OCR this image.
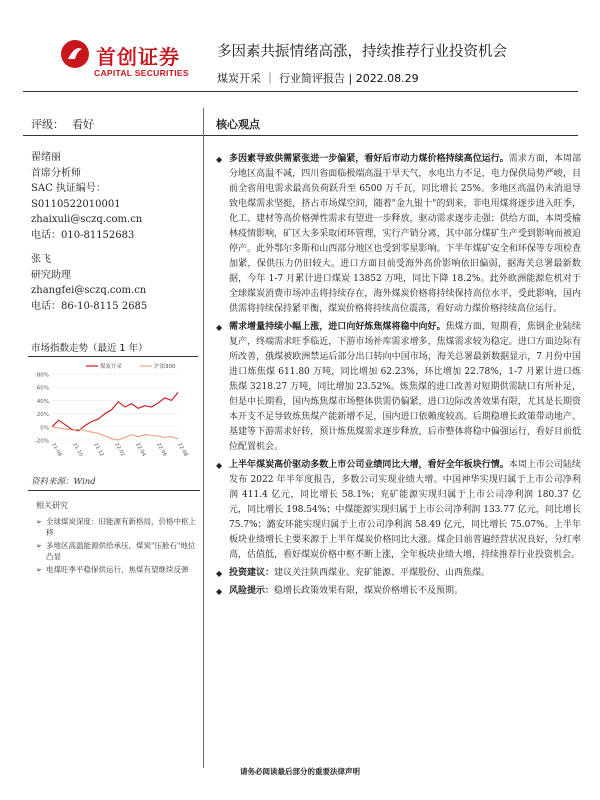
首创证券
CAPITAL SECURITIES
多因素共振情绪高涨，持续推荐行业投资机会
煤炭开采 ｜ 行业简评报告 | 2022.08.29
评级： 看好	核心观点
翟绪丽
首席分析师
SAC 执证编号：
S0110522010001
zhaixuli@sczq.com.cn
电话：010-81152683
张飞
研究助理
zhangfei@sczq.com.cn
电话：86-10-8115 2685
市场指数走势（最近 1 年）
-20%
0%
20%
40%
60%
80%
21-08 21-10 21-12 22-02 22-04 22-06 22-08
煤炭开采	沪深300
资料来源：Wind
相关研究
➢ 全球煤炭深度：旧能源有新格局，价格中枢上移
➢ 多地区高温能源供给承压，煤炭"压舱石"地位凸显
➢ 电煤旺季平稳保供运行，焦煤有望继续反弹

◆ 多因素导致供需紧张进一步偏紧，看好后市动力煤价格持续高位运行。需求方面，本周部分地区高温不减，四川省面临极端高温干旱天气，水电出力不足，电力保供局势严峻，目前全省用电需求最高负荷跃升至 6500 万千瓦，同比增长 25%。多地区高温仍未消退导致电煤需求坚挺，挤占市场煤空间，随着"金九银十"的到来，非电用煤将逐步进入旺季，化工、建材等高价格弹性需求有望进一步释放，驱动需求逐步走强；供给方面，本周受榆林疫情影响，矿区大多采取闭环管理，实行产销分离，其中部分煤矿生产受到影响而被迫停产。此外鄂尔多斯和山西部分地区也受到零星影响。下半年煤矿安全和环保等专项检查加紧，保供压力仍旧较大。进口方面目前受海外高价影响依旧偏弱，据海关总署最新数据，今年 1-7 月累计进口煤炭 13852 万吨，同比下降 18.2%。此外欧洲能源危机对于全球煤炭消费市场冲击将持续存在，海外煤炭价格将持续保持高位水平，受此影响，国内供需将持续保持紧平衡，煤炭价格将持续高位震荡，看好动力煤价格持续高位运行。

◆ 需求增量持续小幅上涨，进口向好炼焦煤将稳中向好。焦煤方面，短期看，焦钢企业陆续复产，终端需求旺季临近，下游市场补库需求增多，焦煤需求较为稳定。进口方面边际有所改善，俄煤被欧洲禁运后部分出口转向中国市场，海关总署最新数据显示，7 月份中国进口炼焦煤 611.80 万吨，同比增加 62.23%，环比增加 22.78%，1-7 月累计进口炼焦煤 3218.27 万吨，同比增加 23.52%。炼焦煤的进口改善对短期供需缺口有所补足，但是中长期看，国内炼焦煤市场整体供需仍偏紧，进口边际改善效果有限，尤其是长期资本开支不足导致炼焦煤产能新增不足，国内进口依赖度较高。后期稳增长政策带动地产、基建等下游需求好转，预计炼焦煤需求逐步释放，后市整体将稳中偏强运行，看好目前低位配置机会。

◆ 上半年煤炭高价驱动多数上市公司业绩同比大增，看好全年板块行情。本周上市公司陆续发布 2022 年半年度报告，多数公司实现业绩大增。中国神华实现归属于上市公司净利润 411.4 亿元，同比增长 58.1%；兖矿能源实现归属于上市公司净利润 180.37 亿元，同比增长 198.54%；中煤能源实现归属于上市公司净利润 133.77 亿元，同比增长 75.7%；潞安环能实现归属于上市公司净利润 58.49 亿元，同比增长 75.07%。上半年板块业绩增长主要来源于上半年煤炭价格同比大涨。煤企目前普遍经营状况良好，分红率高，估值低，看好煤炭价格中枢不断上涨，全年板块业绩大增，持续推荐行业投资机会。

◆ 投资建议：建议关注陕西煤业、兖矿能源、平煤股份、山西焦煤。

◆ 风险提示：稳增长政策效果有限，煤炭价格增长不及预期。

请务必阅读最后部分的重要法律声明
